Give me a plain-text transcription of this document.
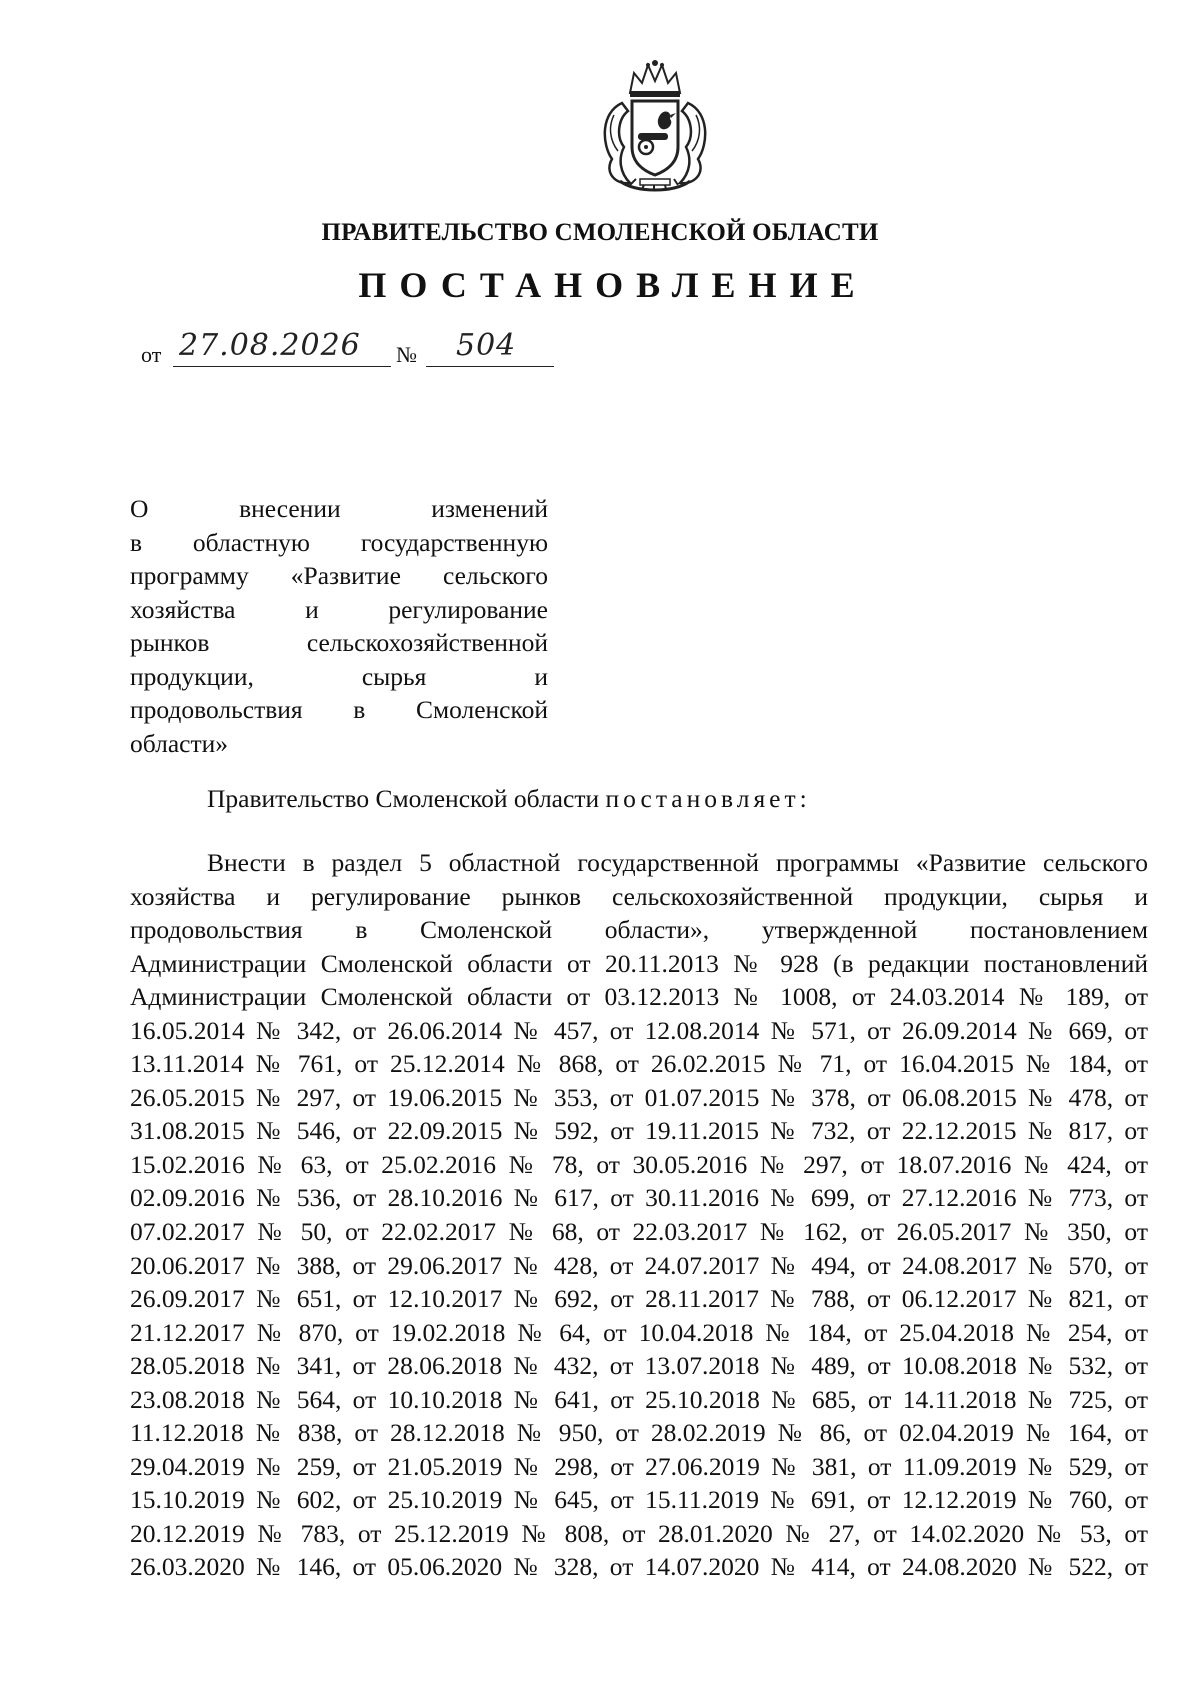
ПРАВИТЕЛЬСТВО СМОЛЕНСКОЙ ОБЛАСТИ
ПОСТАНОВЛЕНИЕ
от 27.08.2026 № 504
О внесении изменений
в областную государственную
программу «Развитие сельского
хозяйства и регулирование
рынков сельскохозяйственной
продукции, сырья и
продовольствия в Смоленской
области»
Правительство Смоленской области постановляет:
Внести в раздел 5 областной государственной программы «Развитие сельского
хозяйства и регулирование рынков сельскохозяйственной продукции, сырья и
продовольствия в Смоленской области», утвержденной постановлением
Администрации Смоленской области от 20.11.2013 № 928 (в редакции постановлений
Администрации Смоленской области от 03.12.2013 № 1008, от 24.03.2014 № 189, от
16.05.2014 № 342, от 26.06.2014 № 457, от 12.08.2014 № 571, от 26.09.2014 № 669, от
13.11.2014 № 761, от 25.12.2014 № 868, от 26.02.2015 № 71, от 16.04.2015 № 184, от
26.05.2015 № 297, от 19.06.2015 № 353, от 01.07.2015 № 378, от 06.08.2015 № 478, от
31.08.2015 № 546, от 22.09.2015 № 592, от 19.11.2015 № 732, от 22.12.2015 № 817, от
15.02.2016 № 63, от 25.02.2016 № 78, от 30.05.2016 № 297, от 18.07.2016 № 424, от
02.09.2016 № 536, от 28.10.2016 № 617, от 30.11.2016 № 699, от 27.12.2016 № 773, от
07.02.2017 № 50, от 22.02.2017 № 68, от 22.03.2017 № 162, от 26.05.2017 № 350, от
20.06.2017 № 388, от 29.06.2017 № 428, от 24.07.2017 № 494, от 24.08.2017 № 570, от
26.09.2017 № 651, от 12.10.2017 № 692, от 28.11.2017 № 788, от 06.12.2017 № 821, от
21.12.2017 № 870, от 19.02.2018 № 64, от 10.04.2018 № 184, от 25.04.2018 № 254, от
28.05.2018 № 341, от 28.06.2018 № 432, от 13.07.2018 № 489, от 10.08.2018 № 532, от
23.08.2018 № 564, от 10.10.2018 № 641, от 25.10.2018 № 685, от 14.11.2018 № 725, от
11.12.2018 № 838, от 28.12.2018 № 950, от 28.02.2019 № 86, от 02.04.2019 № 164, от
29.04.2019 № 259, от 21.05.2019 № 298, от 27.06.2019 № 381, от 11.09.2019 № 529, от
15.10.2019 № 602, от 25.10.2019 № 645, от 15.11.2019 № 691, от 12.12.2019 № 760, от
20.12.2019 № 783, от 25.12.2019 № 808, от 28.01.2020 № 27, от 14.02.2020 № 53, от
26.03.2020 № 146, от 05.06.2020 № 328, от 14.07.2020 № 414, от 24.08.2020 № 522, от
